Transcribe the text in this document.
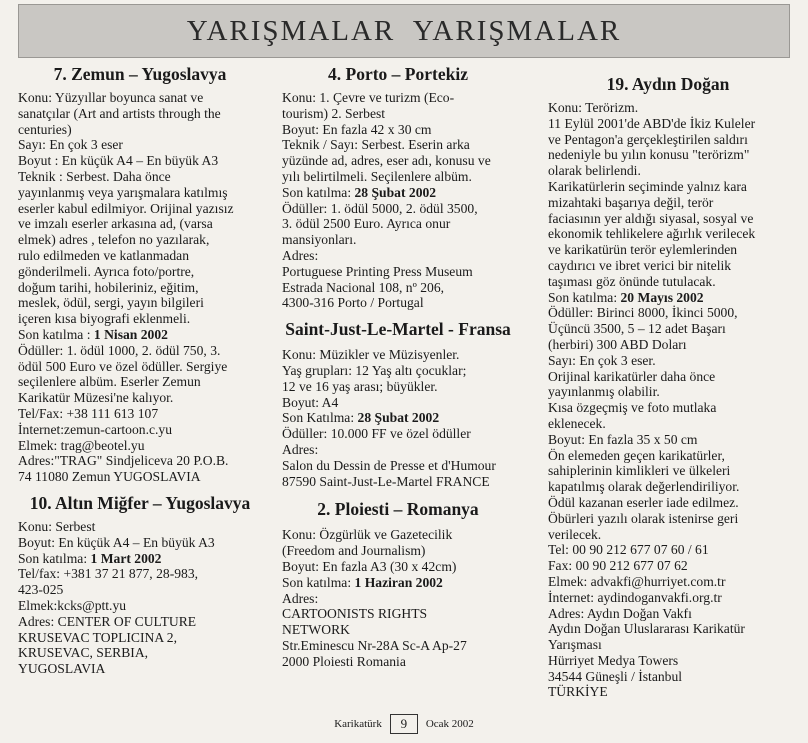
YARIŞMALAR  YARIŞMALAR
7. Zemun – Yugoslavya
Konu: Yüzyıllar boyunca sanat ve
sanatçılar (Art and artists through the
centuries)
Sayı: En çok 3 eser
Boyut : En küçük A4 – En büyük A3
Teknik : Serbest. Daha önce
yayınlanmış veya yarışmalara katılmış
eserler kabul edilmiyor. Orijinal yazısız
ve imzalı eserler arkasına ad, (varsa
elmek) adres , telefon no yazılarak,
rulo edilmeden ve katlanmadan
gönderilmeli. Ayrıca foto/portre,
doğum tarihi, hobileriniz, eğitim,
meslek, ödül, sergi, yayın bilgileri
içeren kısa biyografi eklenmeli.
Son katılma : 1 Nisan 2002
Ödüller: 1. ödül 1000, 2. ödül 750, 3.
ödül 500 Euro ve özel ödüller. Sergiye
seçilenlere albüm. Eserler Zemun
Karikatür Müzesi'ne kalıyor.
Tel/Fax: +38 111 613 107
İnternet:zemun-cartoon.c.yu
Elmek: trag@beotel.yu
Adres:"TRAG" Sindjeliceva 20 P.O.B.
74 11080 Zemun YUGOSLAVIA
10. Altın Miğfer – Yugoslavya
Konu: Serbest
Boyut: En küçük A4 – En büyük A3
Son katılma: 1 Mart 2002
Tel/fax: +381 37 21 877, 28-983,
423-025
Elmek:kcks@ptt.yu
Adres: CENTER OF CULTURE
KRUSEVAC TOPLICINA 2,
KRUSEVAC, SERBIA,
YUGOSLAVIA
4. Porto – Portekiz
Konu: 1. Çevre ve turizm (Eco-
tourism) 2. Serbest
Boyut: En fazla 42 x 30 cm
Teknik / Sayı: Serbest. Eserin arka
yüzünde ad, adres, eser adı, konusu ve
yılı belirtilmeli. Seçilenlere albüm.
Son katılma: 28 Şubat 2002
Ödüller: 1. ödül 5000, 2. ödül 3500,
3. ödül 2500 Euro. Ayrıca onur
mansiyonları.
Adres:
Portuguese Printing Press Museum
Estrada Nacional 108, nº 206,
4300-316 Porto / Portugal
Saint-Just-Le-Martel - Fransa
Konu: Müzikler ve Müzisyenler.
Yaş grupları: 12 Yaş altı çocuklar;
12 ve 16 yaş arası; büyükler.
Boyut: A4
Son Katılma: 28 Şubat 2002
Ödüller: 10.000 FF ve özel ödüller
Adres:
Salon du Dessin de Presse et d'Humour
87590 Saint-Just-Le-Martel FRANCE
2. Ploiesti – Romanya
Konu: Özgürlük ve Gazetecilik
(Freedom and Journalism)
Boyut: En fazla A3 (30 x 42cm)
Son katılma: 1 Haziran 2002
Adres:
CARTOONISTS RIGHTS
NETWORK
Str.Eminescu Nr-28A Sc-A Ap-27
2000 Ploiesti Romania
19. Aydın Doğan
Konu: Terörizm.
11 Eylül 2001'de ABD'de İkiz Kuleler
ve Pentagon'a gerçekleştirilen saldırı
nedeniyle bu yılın konusu "terörizm"
olarak belirlendi.
Karikatürlerin seçiminde yalnız kara
mizahtaki başarıya değil, terör
faciasının yer aldığı siyasal, sosyal ve
ekonomik tehlikelere ağırlık verilecek
ve karikatürün terör eylemlerinden
caydırıcı ve ibret verici bir nitelik
taşıması göz önünde tutulacak.
Son katılma: 20 Mayıs 2002
Ödüller: Birinci 8000, İkinci 5000,
Üçüncü 3500, 5 – 12 adet Başarı
(herbiri) 300 ABD Doları
Sayı: En çok 3 eser.
Orijinal karikatürler daha önce
yayınlanmış olabilir.
Kısa özgeçmiş ve foto mutlaka
eklenecek.
Boyut: En fazla 35 x 50 cm
Ön elemeden geçen karikatürler,
sahiplerinin kimlikleri ve ülkeleri
kapatılmış olarak değerlendiriliyor.
Ödül kazanan eserler iade edilmez.
Öbürleri yazılı olarak istenirse geri
verilecek.
Tel: 00 90 212 677 07 60 / 61
Fax: 00 90 212 677 07 62
Elmek: advakfi@hurriyet.com.tr
İnternet: aydindoganvakfi.org.tr
Adres: Aydın Doğan Vakfı
Aydın Doğan Uluslararası Karikatür
Yarışması
Hürriyet Medya Towers
34544 Güneşli / İstanbul
TÜRKİYE
Karikatürk	9	Ocak 2002
